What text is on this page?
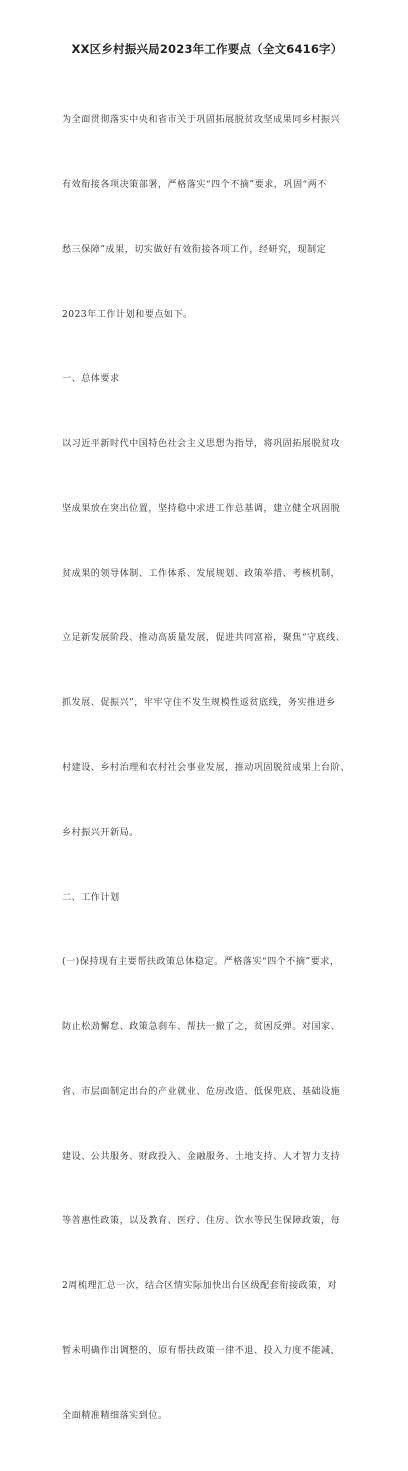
XX区乡村振兴局2023年工作要点（全文6416字）

为全面贯彻落实中央和省市关于巩固拓展脱贫攻坚成果同乡村振兴

有效衔接各项决策部署，严格落实“四个不摘”要求，巩固“两不

愁三保障”成果，切实做好有效衔接各项工作，经研究，现制定

2023年工作计划和要点如下。

一、总体要求

以习近平新时代中国特色社会主义思想为指导，将巩固拓展脱贫攻

坚成果放在突出位置，坚持稳中求进工作总基调，建立健全巩固脱

贫成果的领导体制、工作体系、发展规划、政策举措、考核机制，

立足新发展阶段、推动高质量发展，促进共同富裕，聚焦“守底线、

抓发展、促振兴”，牢牢守住不发生规模性返贫底线，务实推进乡

村建设、乡村治理和农村社会事业发展，推动巩固脱贫成果上台阶、

乡村振兴开新局。

二、工作计划

(一)保持现有主要帮扶政策总体稳定。严格落实“四个不摘”要求，

防止松劲懈怠、政策急刹车、帮扶一撤了之，贫困反弹。对国家、

省、市层面制定出台的产业就业、危房改造、低保兜底、基础设施

建设、公共服务、财政投入、金融服务、土地支持、人才智力支持

等普惠性政策，以及教育、医疗、住房、饮水等民生保障政策，每

2周梳理汇总一次，结合区情实际加快出台区级配套衔接政策，对

暂未明确作出调整的，原有帮扶政策一律不退、投入力度不能减，

全面精准精细落实到位。
